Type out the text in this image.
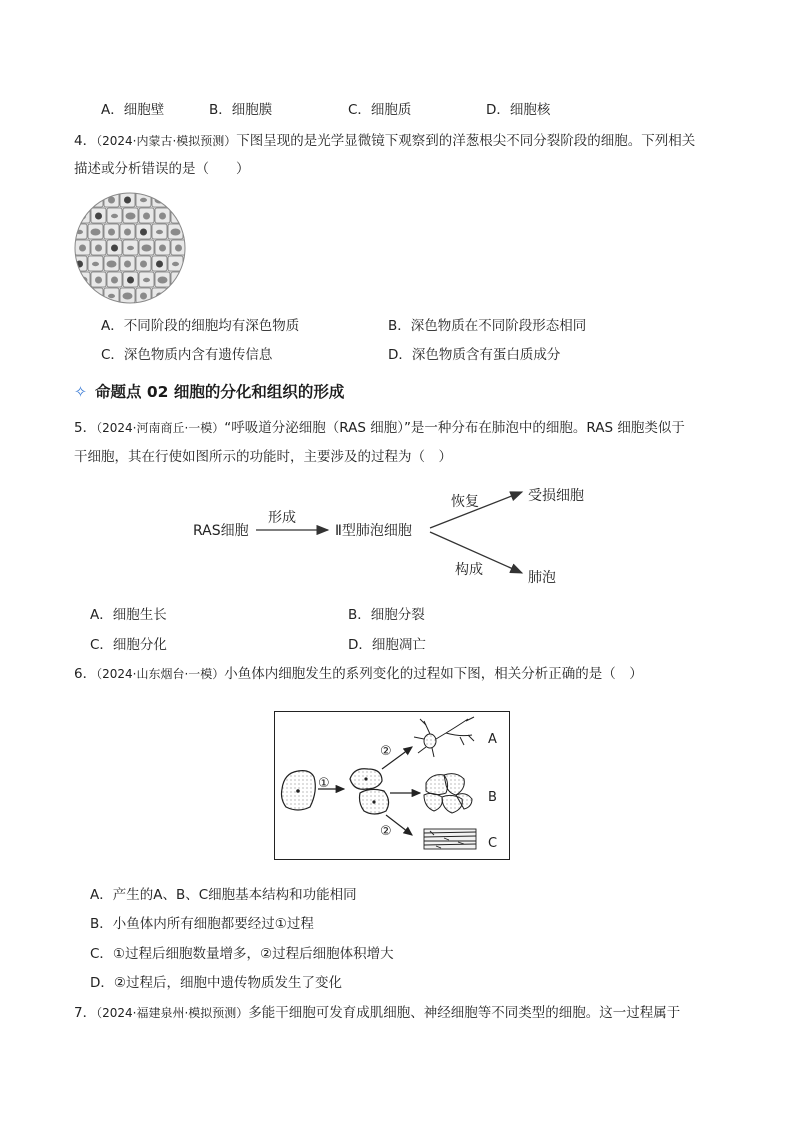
A．细胞壁	B．细胞膜	C．细胞质	D．细胞核
4．（2024·内蒙古·模拟预测）下图呈现的是光学显微镜下观察到的洋葱根尖不同分裂阶段的细胞。下列相关
描述或分析错误的是（　　）
A．不同阶段的细胞均有深色物质	B．深色物质在不同阶段形态相同
C．深色物质内含有遗传信息	D．深色物质含有蛋白质成分
✧ 命题点 02 细胞的分化和组织的形成
5．（2024·河南商丘·一模）“呼吸道分泌细胞（RAS 细胞）”是一种分布在肺泡中的细胞。RAS 细胞类似于
干细胞，其在行使如图所示的功能时，主要涉及的过程为（　）
RAS细胞
形成
Ⅱ型肺泡细胞
恢复	受损细胞
构成	肺泡
A．细胞生长	B．细胞分裂
C．细胞分化	D．细胞凋亡
6．（2024·山东烟台·一模）小鱼体内细胞发生的系列变化的过程如下图，相关分析正确的是（　）
①
②
②
A
B
C
A．产生的A、B、C细胞基本结构和功能相同
B．小鱼体内所有细胞都要经过①过程
C．①过程后细胞数量增多，②过程后细胞体积增大
D．②过程后，细胞中遗传物质发生了变化
7．（2024·福建泉州·模拟预测）多能干细胞可发育成肌细胞、神经细胞等不同类型的细胞。这一过程属于
